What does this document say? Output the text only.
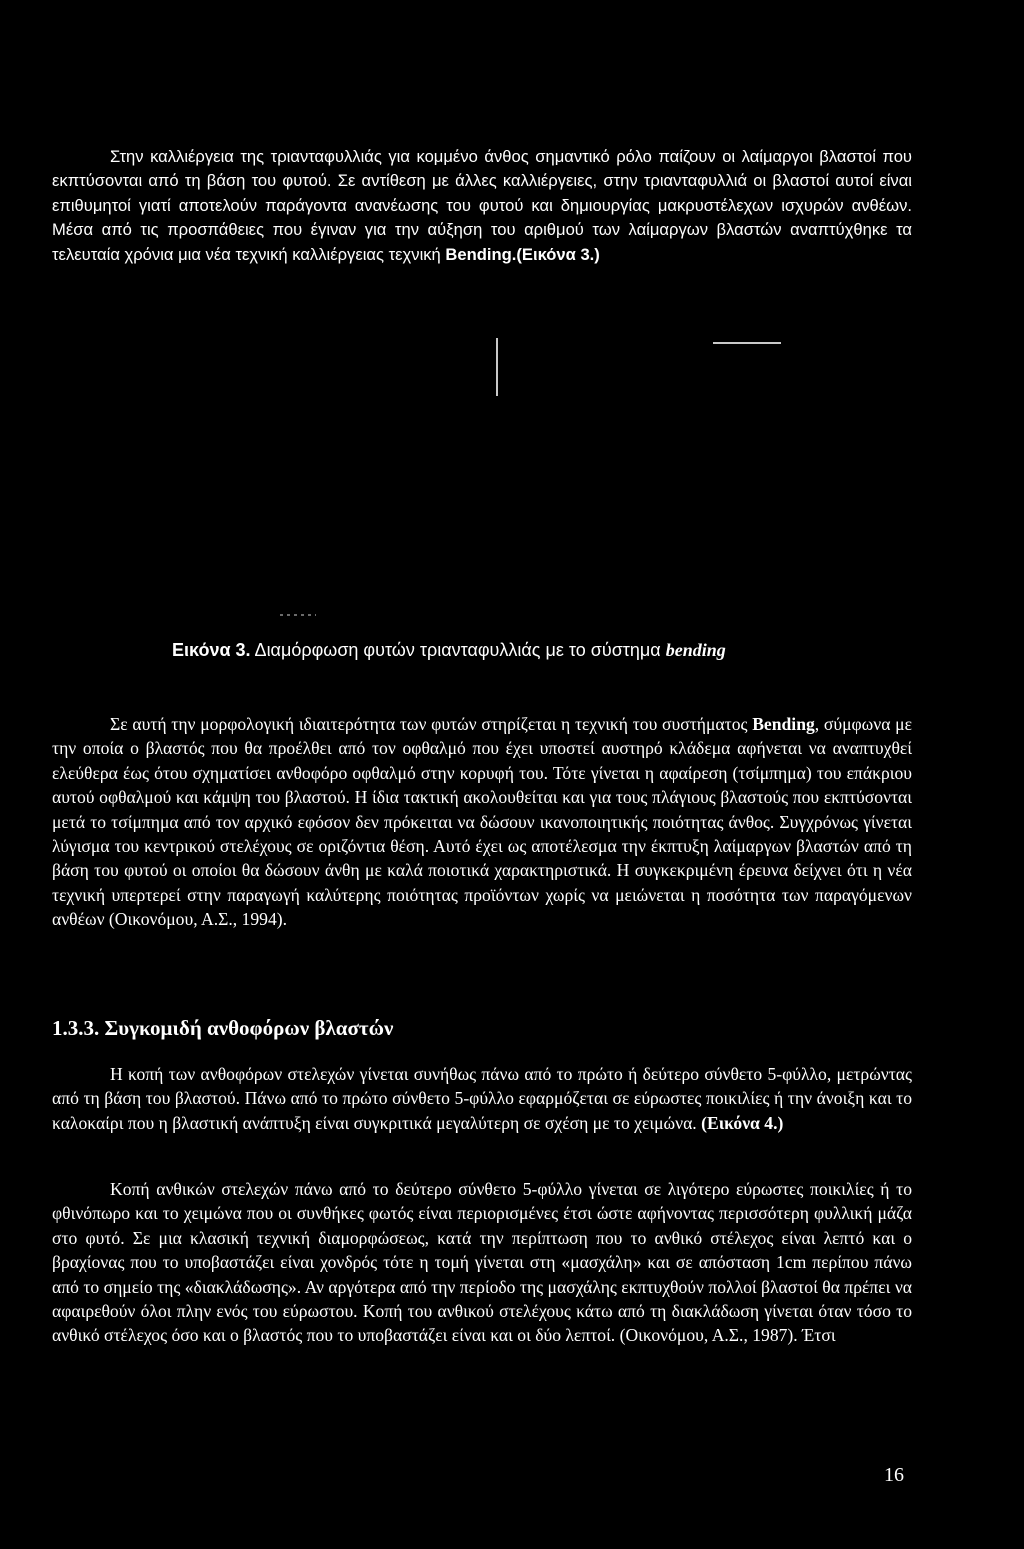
Στην καλλιέργεια της τριανταφυλλιάς για κομμένο άνθος σημαντικό ρόλο παίζουν οι λαίμαργοι βλαστοί που εκπτύσονται από τη βάση του φυτού. Σε αντίθεση με άλλες καλλιέργειες, στην τριανταφυλλιά οι βλαστοί αυτοί είναι επιθυμητοί γιατί αποτελούν παράγοντα ανανέωσης του φυτού και δημιουργίας μακρυστέλεχων ισχυρών ανθέων. Μέσα από τις προσπάθειες που έγιναν για την αύξηση του αριθμού των λαίμαργων βλαστών αναπτύχθηκε τα τελευταία χρόνια μια νέα τεχνική καλλιέργειας τεχνική Bending.(Εικόνα 3.)

Εικόνα 3. Διαμόρφωση φυτών τριανταφυλλιάς με το σύστημα bending

Σε αυτή την μορφολογική ιδιαιτερότητα των φυτών στηρίζεται η τεχνική του συστήματος Bending, σύμφωνα με την οποία ο βλαστός που θα προέλθει από τον οφθαλμό που έχει υποστεί αυστηρό κλάδεμα αφήνεται να αναπτυχθεί ελεύθερα έως ότου σχηματίσει ανθοφόρο οφθαλμό στην κορυφή του. Τότε γίνεται η αφαίρεση (τσίμπημα) του επάκριου αυτού οφθαλμού και κάμψη του βλαστού. Η ίδια τακτική ακολουθείται και για τους πλάγιους βλαστούς που εκπτύσονται μετά το τσίμπημα από τον αρχικό εφόσον δεν πρόκειται να δώσουν ικανοποιητικής ποιότητας άνθος. Συγχρόνως γίνεται λύγισμα του κεντρικού στελέχους σε οριζόντια θέση. Αυτό έχει ως αποτέλεσμα την έκπτυξη λαίμαργων βλαστών από τη βάση του φυτού οι οποίοι θα δώσουν άνθη με καλά ποιοτικά χαρακτηριστικά. Η συγκεκριμένη έρευνα δείχνει ότι η νέα τεχνική υπερτερεί στην παραγωγή καλύτερης ποιότητας προϊόντων χωρίς να μειώνεται η ποσότητα των παραγόμενων ανθέων (Οικονόμου, Α.Σ., 1994).

1.3.3. Συγκομιδή ανθοφόρων βλαστών

Η κοπή των ανθοφόρων στελεχών γίνεται συνήθως πάνω από το πρώτο ή δεύτερο σύνθετο 5-φύλλο, μετρώντας από τη βάση του βλαστού. Πάνω από το πρώτο σύνθετο 5-φύλλο εφαρμόζεται σε εύρωστες ποικιλίες ή την άνοιξη και το καλοκαίρι που η βλαστική ανάπτυξη είναι συγκριτικά μεγαλύτερη σε σχέση με το χειμώνα. (Εικόνα 4.)

Κοπή ανθικών στελεχών πάνω από το δεύτερο σύνθετο 5-φύλλο γίνεται σε λιγότερο εύρωστες ποικιλίες ή το φθινόπωρο και το χειμώνα που οι συνθήκες φωτός είναι περιορισμένες έτσι ώστε αφήνοντας περισσότερη φυλλική μάζα στο φυτό. Σε μια κλασική τεχνική διαμορφώσεως, κατά την περίπτωση που το ανθικό στέλεχος είναι λεπτό και ο βραχίονας που το υποβαστάζει είναι χονδρός τότε η τομή γίνεται στη «μασχάλη» και σε απόσταση 1cm περίπου πάνω από το σημείο της «διακλάδωσης». Αν αργότερα από την περίοδο της μασχάλης εκπτυχθούν πολλοί βλαστοί θα πρέπει να αφαιρεθούν όλοι πλην ενός του εύρωστου. Κοπή του ανθικού στελέχους κάτω από τη διακλάδωση γίνεται όταν τόσο το ανθικό στέλεχος όσο και ο βλαστός που το υποβαστάζει είναι και οι δύο λεπτοί. (Οικονόμου, Α.Σ., 1987). Έτσι

16
